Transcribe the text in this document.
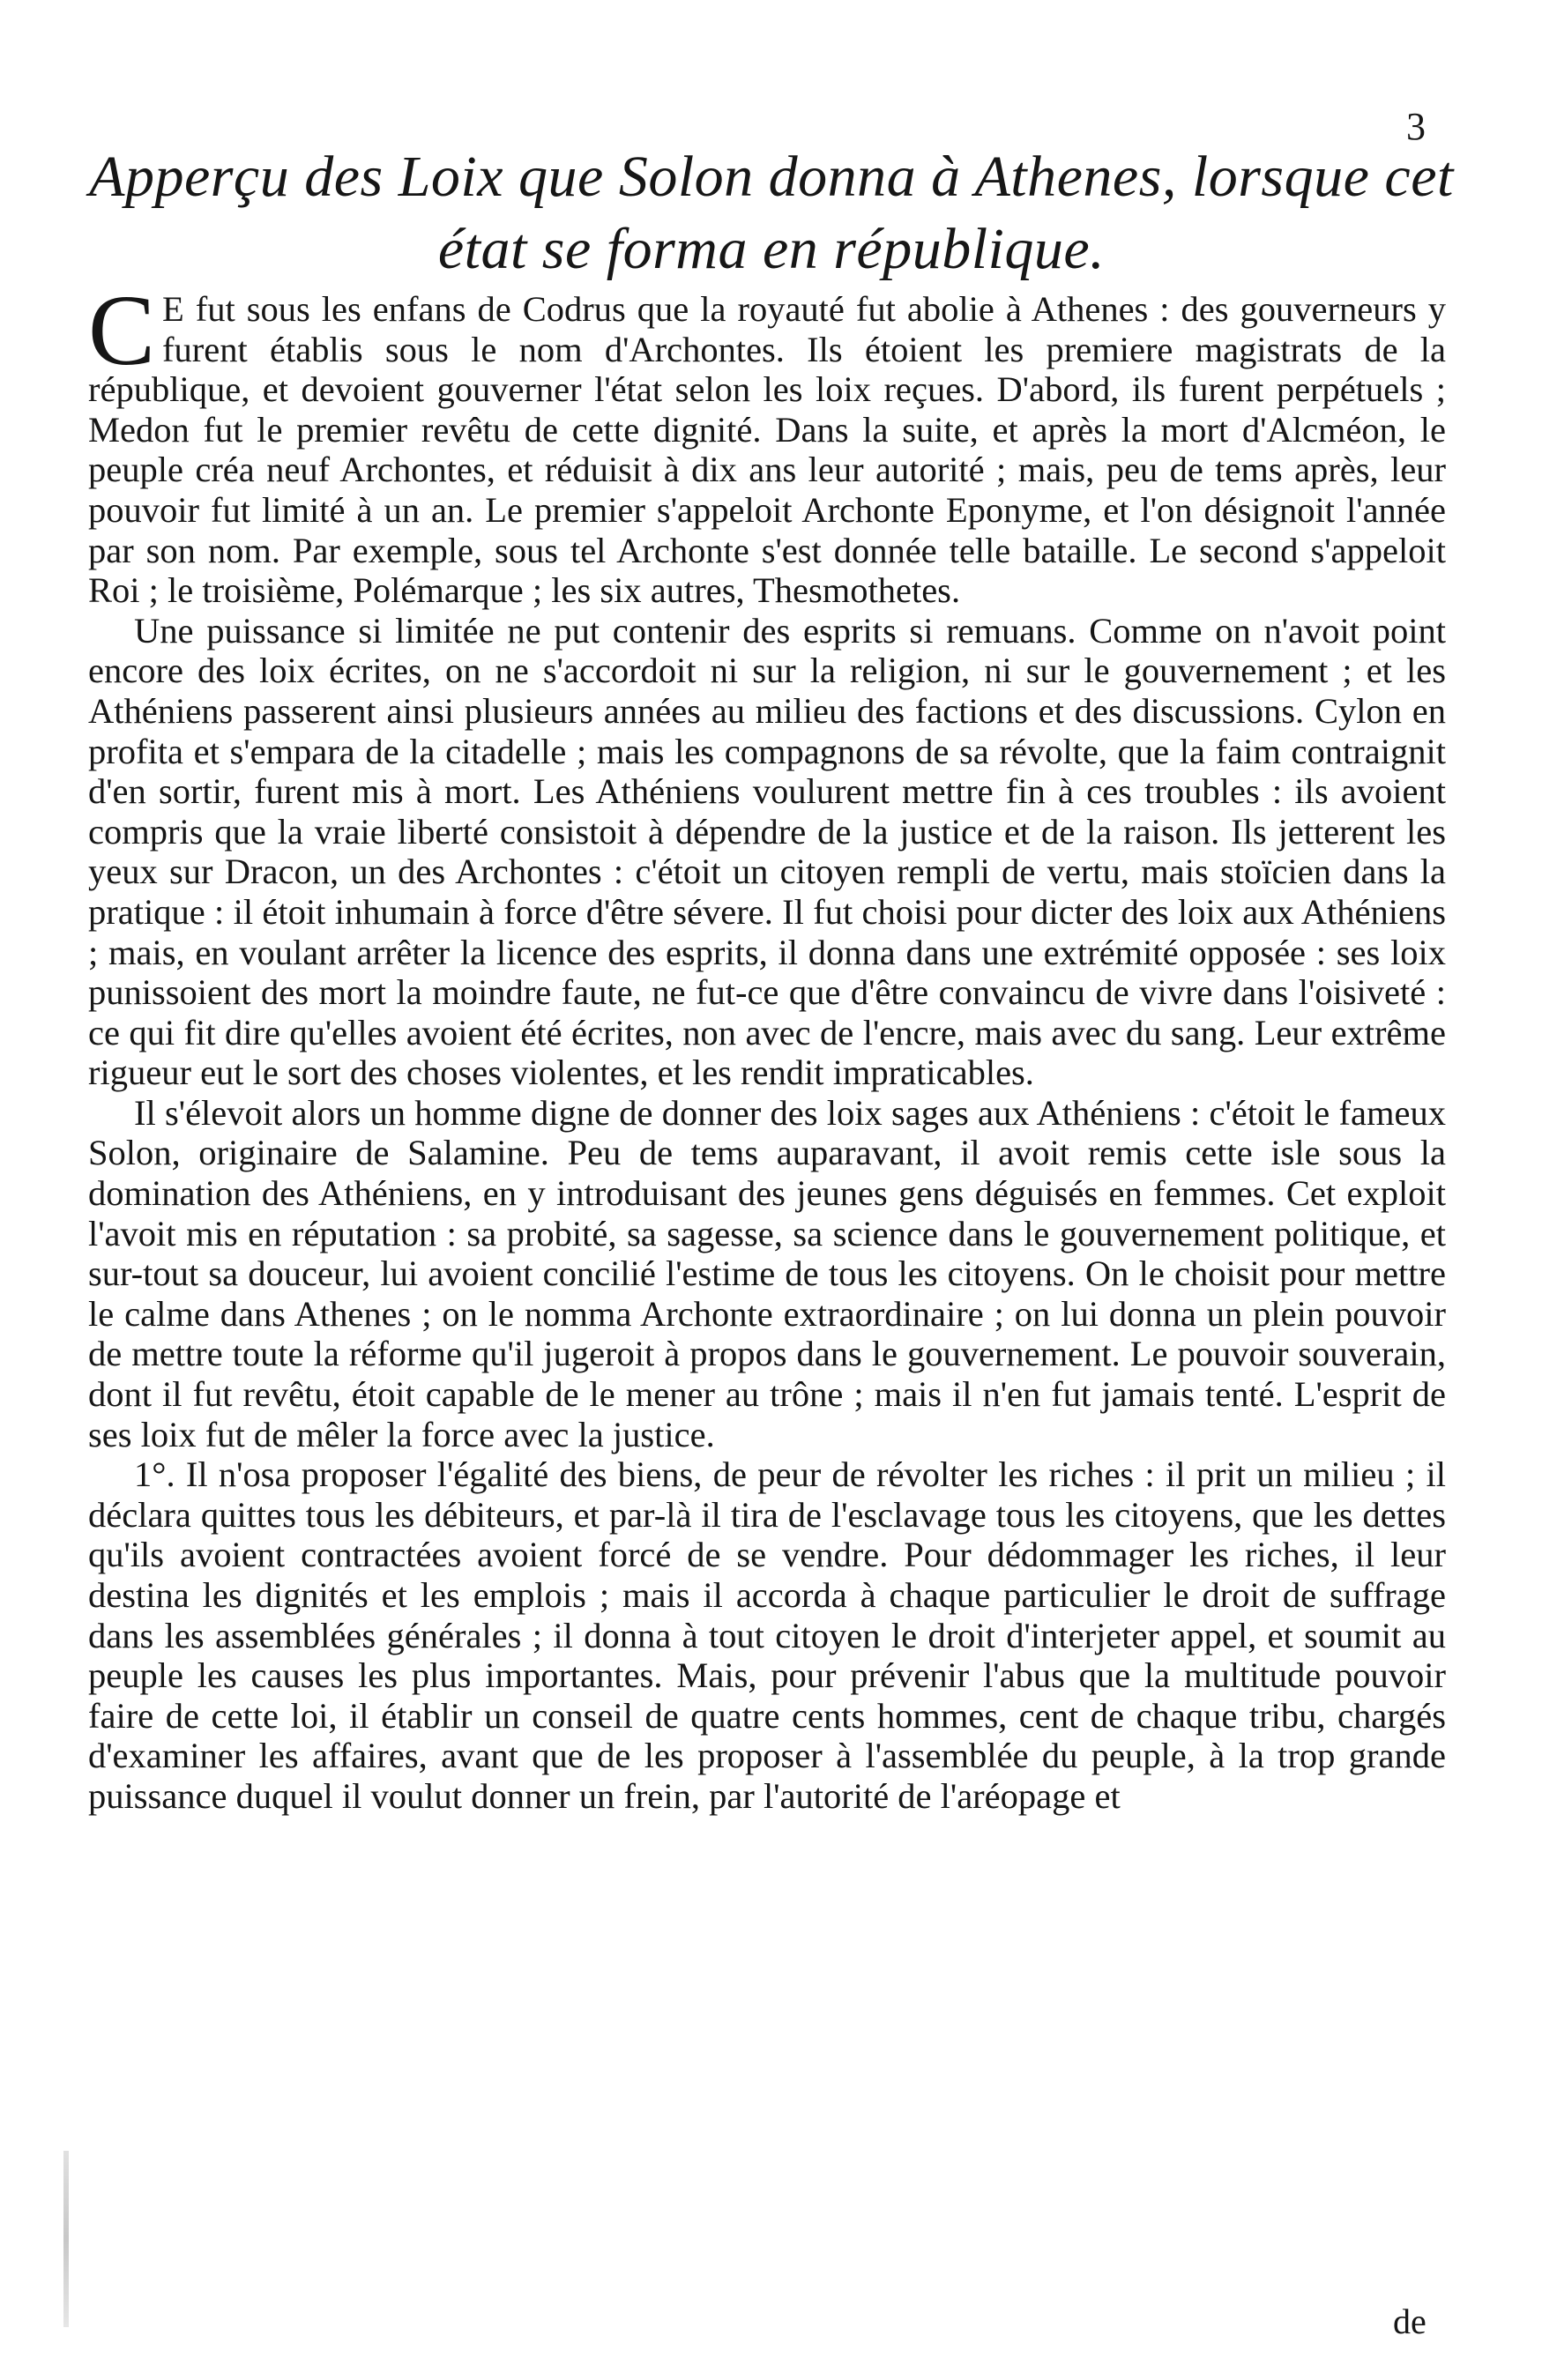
3
Apperçu des Loix que Solon donna à Athenes, lorsque cet
état se forma en république.

C E fut sous les enfans de Codrus que la royauté fut abolie à Athenes : des gouverneurs y furent établis sous le nom d'Archontes. Ils étoient les premiere magistrats de la république, et devoient gouverner l'état selon les loix reçues. D'abord, ils furent perpétuels ; Medon fut le premier revêtu de cette dignité. Dans la suite, et après la mort d'Alcméon, le peuple créa neuf Archontes, et réduisit à dix ans leur autorité ; mais, peu de tems après, leur pouvoir fut limité à un an. Le premier s'appeloit Archonte Eponyme, et l'on désignoit l'année par son nom. Par exemple, sous tel Archonte s'est donnée telle bataille. Le second s'appeloit Roi ; le troisième, Polémarque ; les six autres, Thesmothetes.

Une puissance si limitée ne put contenir des esprits si remuans. Comme on n'avoit point encore des loix écrites, on ne s'accordoit ni sur la religion, ni sur le gouvernement ; et les Athéniens passerent ainsi plusieurs années au milieu des factions et des discussions. Cylon en profita et s'empara de la citadelle ; mais les compagnons de sa révolte, que la faim contraignit d'en sortir, furent mis à mort. Les Athéniens voulurent mettre fin à ces troubles : ils avoient compris que la vraie liberté consistoit à dépendre de la justice et de la raison. Ils jetterent les yeux sur Dracon, un des Archontes : c'étoit un citoyen rempli de vertu, mais stoïcien dans la pratique : il étoit inhumain à force d'être sévere. Il fut choisi pour dicter des loix aux Athéniens ; mais, en voulant arrêter la licence des esprits, il donna dans une extrémité opposée : ses loix punissoient des mort la moindre faute, ne fut-ce que d'être convaincu de vivre dans l'oisiveté : ce qui fit dire qu'elles avoient été écrites, non avec de l'encre, mais avec du sang. Leur extrême rigueur eut le sort des choses violentes, et les rendit impraticables.

Il s'élevoit alors un homme digne de donner des loix sages aux Athéniens : c'étoit le fameux Solon, originaire de Salamine. Peu de tems auparavant, il avoit remis cette isle sous la domination des Athéniens, en y introduisant des jeunes gens déguisés en femmes. Cet exploit l'avoit mis en réputation : sa probité, sa sagesse, sa science dans le gouvernement politique, et sur-tout sa douceur, lui avoient concilié l'estime de tous les citoyens. On le choisit pour mettre le calme dans Athenes ; on le nomma Archonte extraordinaire ; on lui donna un plein pouvoir de mettre toute la réforme qu'il jugeroit à propos dans le gouvernement. Le pouvoir souverain, dont il fut revêtu, étoit capable de le mener au trône ; mais il n'en fut jamais tenté. L'esprit de ses loix fut de mêler la force avec la justice.

1°. Il n'osa proposer l'égalité des biens, de peur de révolter les riches : il prit un milieu ; il déclara quittes tous les débiteurs, et par-là il tira de l'esclavage tous les citoyens, que les dettes qu'ils avoient contractées avoient forcé de se vendre. Pour dédommager les riches, il leur destina les dignités et les emplois ; mais il accorda à chaque particulier le droit de suffrage dans les assemblées générales ; il donna à tout citoyen le droit d'interjeter appel, et soumit au peuple les causes les plus importantes. Mais, pour prévenir l'abus que la multitude pouvoir faire de cette loi, il établir un conseil de quatre cents hommes, cent de chaque tribu, chargés d'examiner les affaires, avant que de les proposer à l'assemblée du peuple, à la trop grande puissance duquel il voulut donner un frein, par l'autorité de l'aréopage et

de
